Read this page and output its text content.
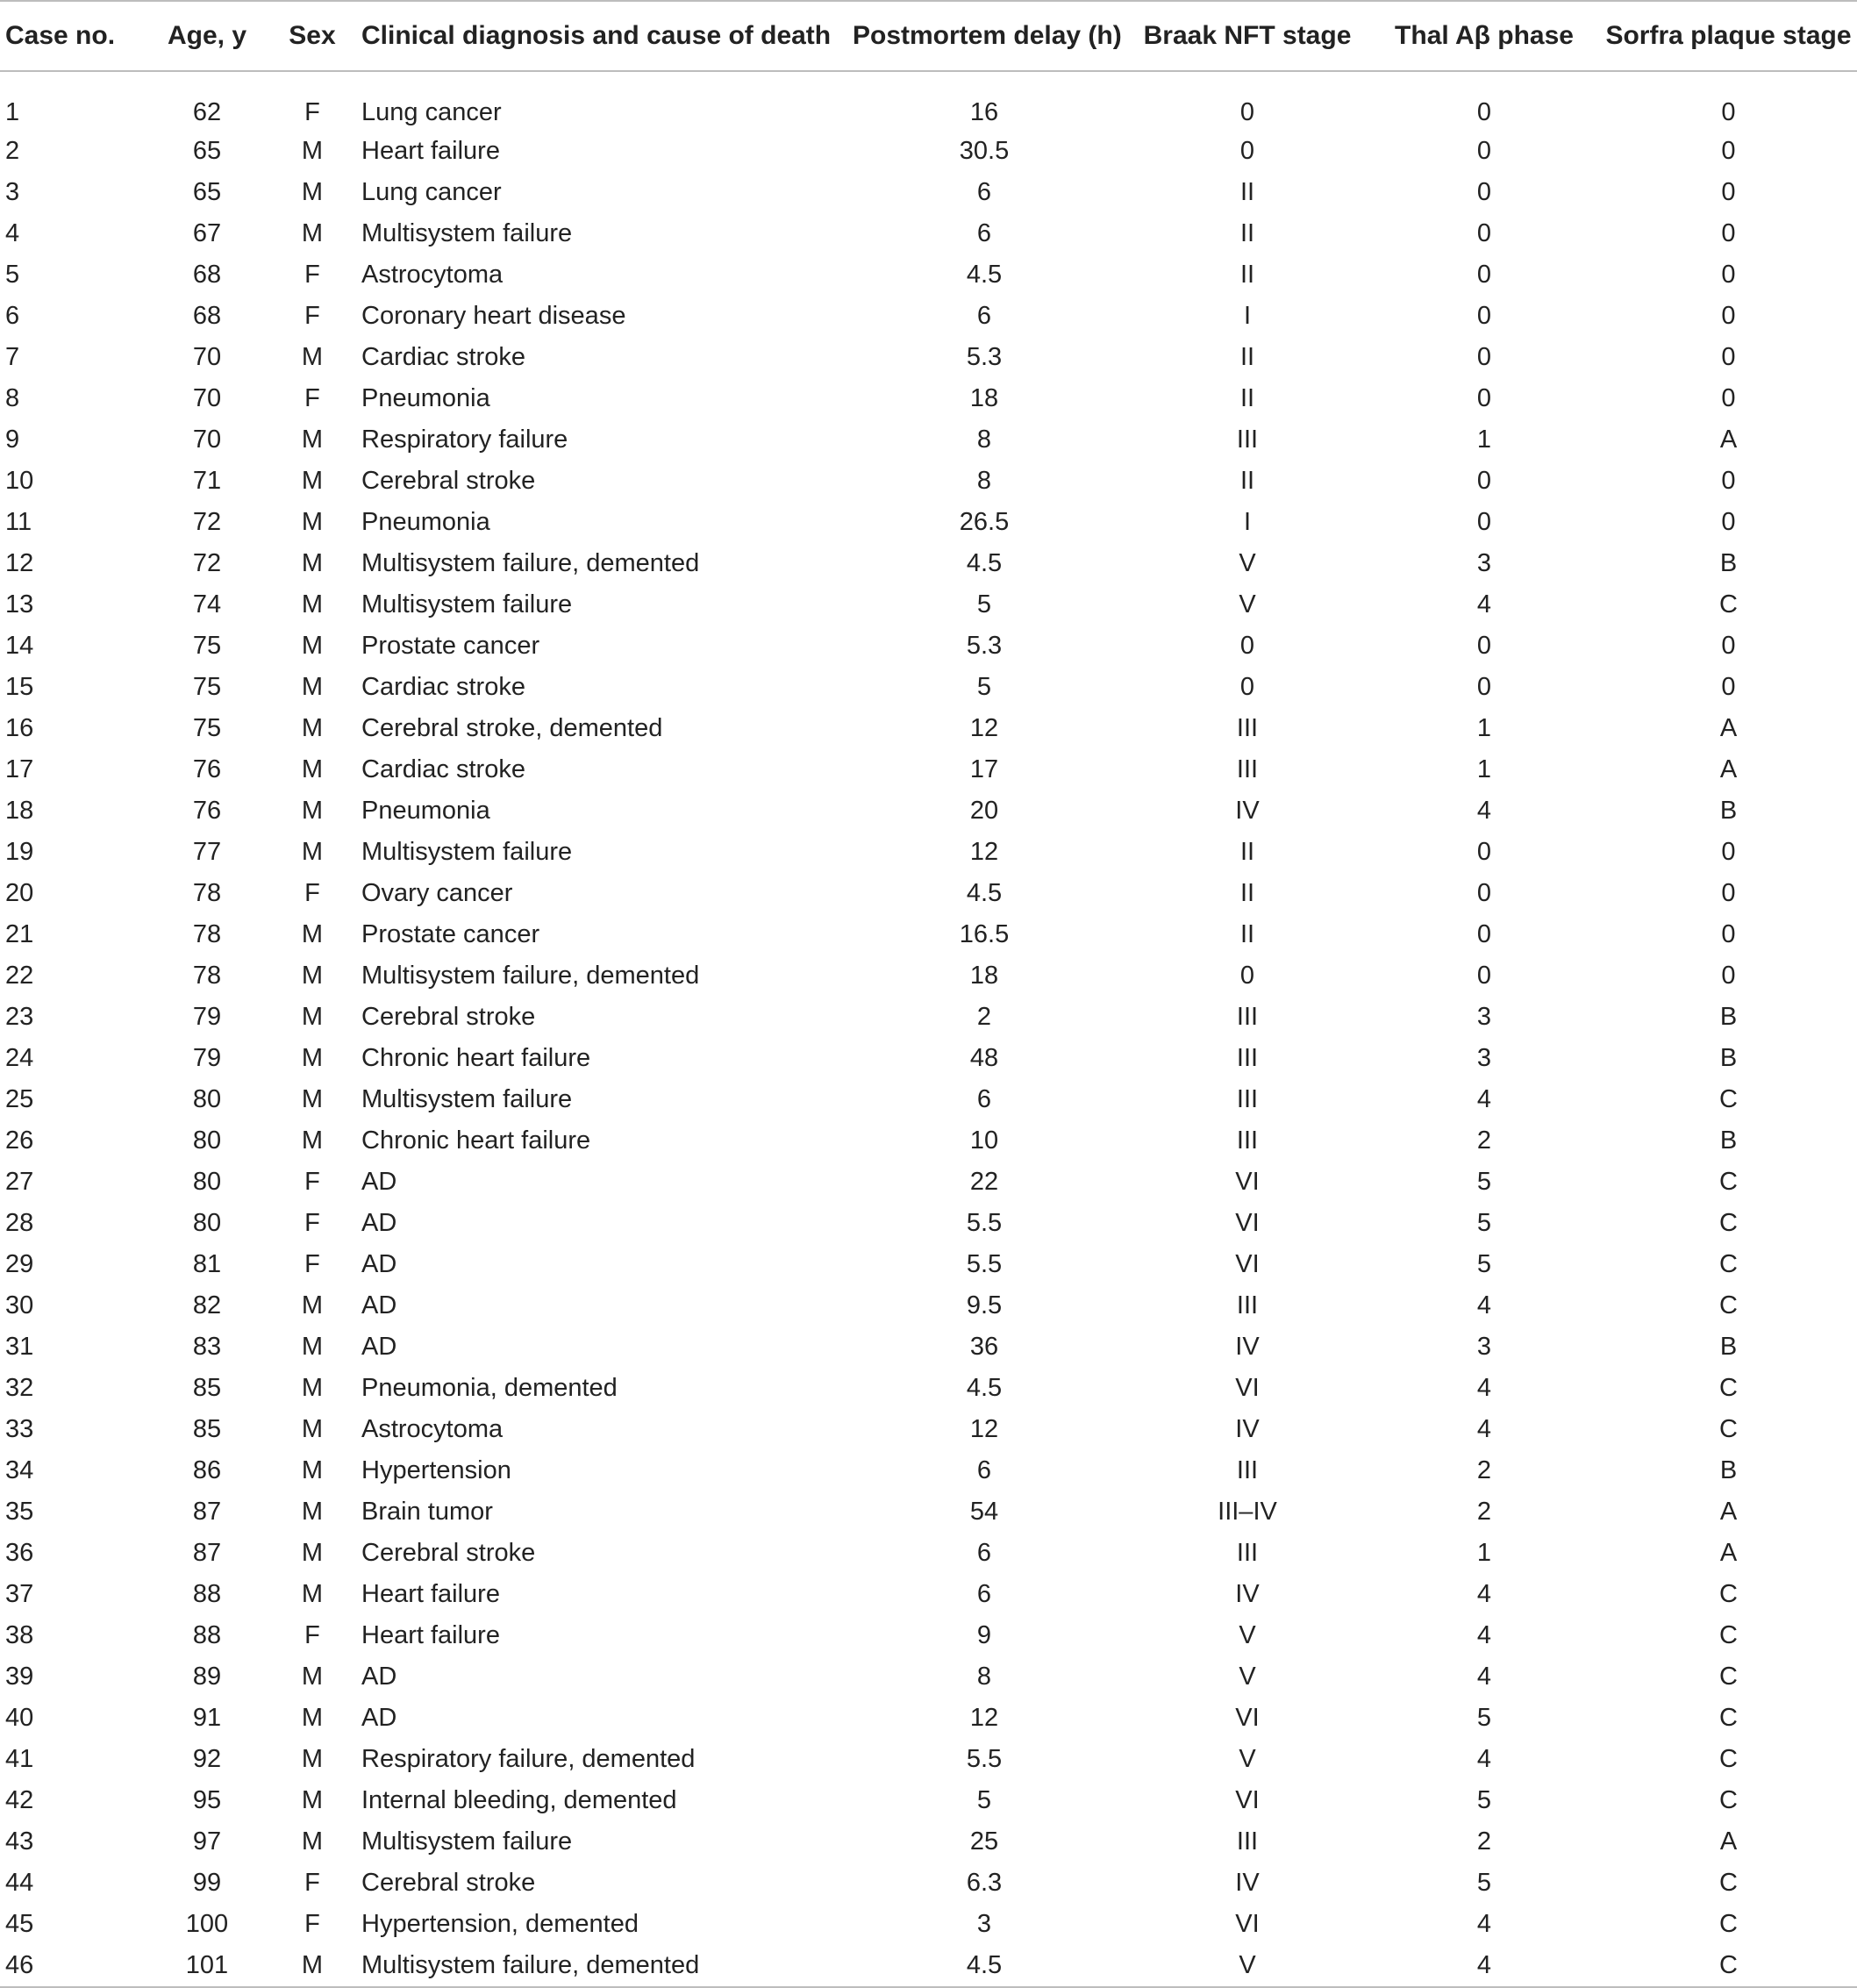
Case no.	Age, y	Sex	Clinical diagnosis and cause of death	Postmortem delay (h)	Braak NFT stage	Thal Aβ phase	Sorfra plaque stage
1	62	F	Lung cancer	16	0	0	0
2	65	M	Heart failure	30.5	0	0	0
3	65	M	Lung cancer	6	II	0	0
4	67	M	Multisystem failure	6	II	0	0
5	68	F	Astrocytoma	4.5	II	0	0
6	68	F	Coronary heart disease	6	I	0	0
7	70	M	Cardiac stroke	5.3	II	0	0
8	70	F	Pneumonia	18	II	0	0
9	70	M	Respiratory failure	8	III	1	A
10	71	M	Cerebral stroke	8	II	0	0
11	72	M	Pneumonia	26.5	I	0	0
12	72	M	Multisystem failure, demented	4.5	V	3	B
13	74	M	Multisystem failure	5	V	4	C
14	75	M	Prostate cancer	5.3	0	0	0
15	75	M	Cardiac stroke	5	0	0	0
16	75	M	Cerebral stroke, demented	12	III	1	A
17	76	M	Cardiac stroke	17	III	1	A
18	76	M	Pneumonia	20	IV	4	B
19	77	M	Multisystem failure	12	II	0	0
20	78	F	Ovary cancer	4.5	II	0	0
21	78	M	Prostate cancer	16.5	II	0	0
22	78	M	Multisystem failure, demented	18	0	0	0
23	79	M	Cerebral stroke	2	III	3	B
24	79	M	Chronic heart failure	48	III	3	B
25	80	M	Multisystem failure	6	III	4	C
26	80	M	Chronic heart failure	10	III	2	B
27	80	F	AD	22	VI	5	C
28	80	F	AD	5.5	VI	5	C
29	81	F	AD	5.5	VI	5	C
30	82	M	AD	9.5	III	4	C
31	83	M	AD	36	IV	3	B
32	85	M	Pneumonia, demented	4.5	VI	4	C
33	85	M	Astrocytoma	12	IV	4	C
34	86	M	Hypertension	6	III	2	B
35	87	M	Brain tumor	54	III–IV	2	A
36	87	M	Cerebral stroke	6	III	1	A
37	88	M	Heart failure	6	IV	4	C
38	88	F	Heart failure	9	V	4	C
39	89	M	AD	8	V	4	C
40	91	M	AD	12	VI	5	C
41	92	M	Respiratory failure, demented	5.5	V	4	C
42	95	M	Internal bleeding, demented	5	VI	5	C
43	97	M	Multisystem failure	25	III	2	A
44	99	F	Cerebral stroke	6.3	IV	5	C
45	100	F	Hypertension, demented	3	VI	4	C
46	101	M	Multisystem failure, demented	4.5	V	4	C
